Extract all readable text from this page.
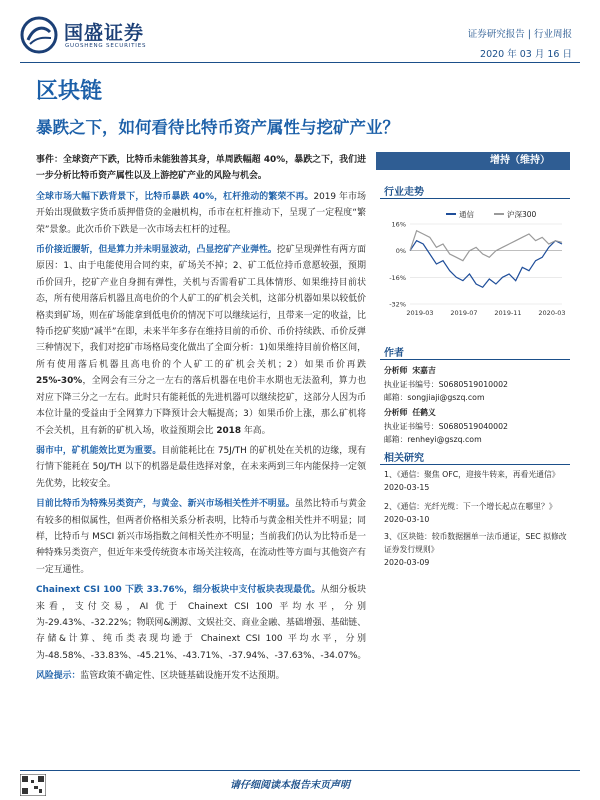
国盛证券
GUOSHENG SECURITIES
证券研究报告 | 行业周报
2020 年 03 月 16 日
区块链
暴跌之下，如何看待比特币资产属性与挖矿产业？

事件：全球资产下跌，比特币未能独善其身，单周跌幅超 40%，暴跌之下，我们进一步分析比特币资产属性以及上游挖矿产业的风险与机会。

全球市场大幅下跌背景下，比特币暴跌 40%，杠杆推动的繁荣不再。2019 年市场开始出现做数字货币质押借贷的金融机构，币市在杠杆推动下，呈现了一定程度“繁荣”景象。此次币价下跌是一次市场去杠杆的过程。

币价接近腰斩，但是算力并未明显波动，凸显挖矿产业弹性。挖矿呈现弹性有两方面原因：1、由于电能使用合同约束，矿场关不掉；2、矿工低位持币意愿较强，预期币价回升，挖矿产业自身拥有弹性，关机与否需看矿工具体情形、如果维持目前状态，所有使用落后机器且高电价的个人矿工的矿机会关机，这部分机器如果以较低价格卖到矿场，则在矿场能拿到低电价的情况下可以继续运行，且带来一定的收益，比特币挖矿奖励“减半”在即，未来半年多存在维持目前的币价、币价持续跌、币价反弹三种情况下，我们对挖矿市场格局变化做出了全面分析：1)如果维持目前价格区间，所有使用落后机器且高电价的个人矿工的矿机会关机；2）如果币价再跌 25%-30%，全网会有三分之一左右的落后机器在电价丰水期也无法盈利，算力也对应下降三分之一左右。此时只有能耗低的先进机器可以继续挖矿，这部分人因为币本位计量的受益由于全网算力下降预计会大幅提高；3）如果币价上涨，那么矿机将不会关机，且有新的矿机入场，收益预期会比 2018 年高。

弱市中，矿机能效比更为重要。目前能耗比在 75J/TH 的矿机处在关机的边缘，现有行情下能耗在 50J/TH 以下的机器是最佳选择对象，在未来两到三年内能保持一定领先优势，比较安全。

目前比特币为特殊另类资产，与黄金、新兴市场相关性并不明显。虽然比特币与黄金有较多的相似属性，但两者价格相关系分析表明，比特币与黄金相关性并不明显；同样，比特币与 MSCI 新兴市场指数之间相关性亦不明显；当前我们仍认为比特币是一种特殊另类资产，但近年来受传统资本市场关注较高，在流动性等方面与其他资产有一定互通性。

Chainext CSI 100 下跌 33.76%，细分板块中支付板块表现最优。从细分板块来看，支付交易，AI 优于 Chainext CSI 100 平均水平，分别为-29.43%、-32.22%；物联网&溯源、文娱社交、商业金融、基础增强、基础链、存储&计算、纯币类表现均逊于 Chainext CSI 100 平均水平，分别为-48.58%、-33.83%、-45.21%、-43.71%、-37.94%、-37.63%、-34.07%。

风险提示：监管政策不确定性、区块链基础设施开发不达预期。

增持（维持）
行业走势
通信	沪深300
16%
0%
-16%
-32%
2019-03	2019-07	2019-11	2020-03
作者
分析师 宋嘉吉
执业证书编号：S0680519010002
邮箱：songjiaji@gszq.com
分析师 任鹤义
执业证书编号：S0680519040002
邮箱：renheyi@gszq.com
相关研究
1、《通信：聚焦 OFC，迎接牛转来，再看光通信》
2020-03-15
2、《通信：光纤光缆：下一个增长起点在哪里？》
2020-03-10
3、《区块链：较币数据捆单一法币通证，SEC 拟修改证券发行规则》
2020-03-09
请仔细阅读本报告末页声明
